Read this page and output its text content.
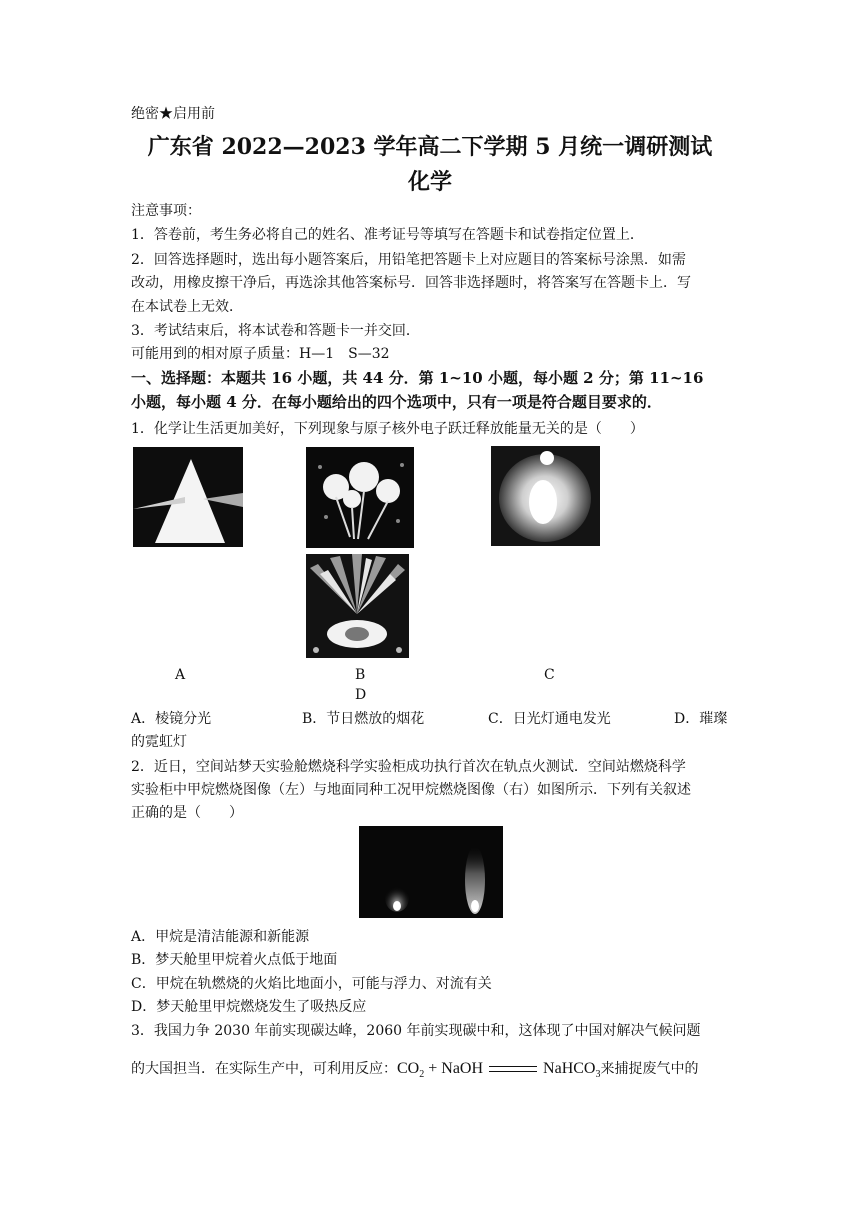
绝密★启用前
广东省 2022—2023 学年高二下学期 5 月统一调研测试
化学
注意事项：
1．答卷前，考生务必将自己的姓名、准考证号等填写在答题卡和试卷指定位置上．
2．回答选择题时，选出每小题答案后，用铅笔把答题卡上对应题目的答案标号涂黑．如需
改动，用橡皮擦干净后，再选涂其他答案标号．回答非选择题时，将答案写在答题卡上．写
在本试卷上无效．
3．考试结束后，将本试卷和答题卡一并交回．
可能用到的相对原子质量：H—1　S—32
一、选择题：本题共 16 小题，共 44 分．第 1~10 小题，每小题 2 分；第 11~16
小题，每小题 4 分．在每小题给出的四个选项中，只有一项是符合题目要求的．
1．化学让生活更加美好，下列现象与原子核外电子跃迁释放能量无关的是（　　）
A	B	C
D
A．棱镜分光	B．节日燃放的烟花	C．日光灯通电发光	D．璀璨
的霓虹灯
2．近日，空间站梦天实验舱燃烧科学实验柜成功执行首次在轨点火测试．空间站燃烧科学
实验柜中甲烷燃烧图像（左）与地面同种工况甲烷燃烧图像（右）如图所示．下列有关叙述
正确的是（　　）
A．甲烷是清洁能源和新能源
B．梦天舱里甲烷着火点低于地面
C．甲烷在轨燃烧的火焰比地面小，可能与浮力、对流有关
D．梦天舱里甲烷燃烧发生了吸热反应
3．我国力争 2030 年前实现碳达峰，2060 年前实现碳中和，这体现了中国对解决气候问题
的大国担当．在实际生产中，可利用反应：$CO_2$ + NaOH	NaHCO$_3$来捕捉废气中的
